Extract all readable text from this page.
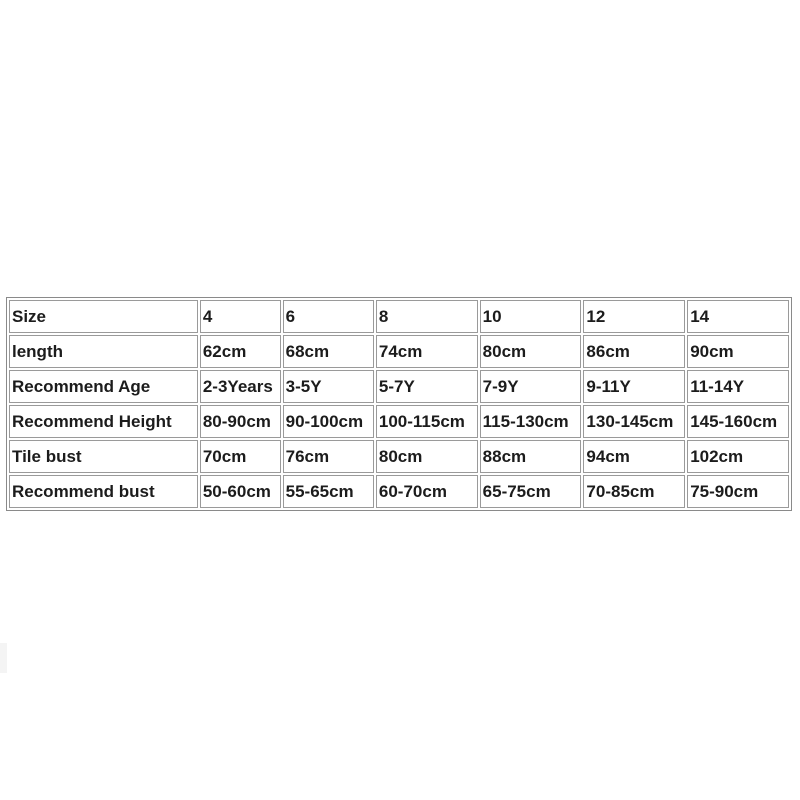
Size	4	6	8	10	12	14
length	62cm	68cm	74cm	80cm	86cm	90cm
Recommend Age	2-3Years	3-5Y	5-7Y	7-9Y	9-11Y	11-14Y
Recommend Height	80-90cm	90-100cm	100-115cm	115-130cm	130-145cm	145-160cm
Tile bust	70cm	76cm	80cm	88cm	94cm	102cm
Recommend bust	50-60cm	55-65cm	60-70cm	65-75cm	70-85cm	75-90cm
